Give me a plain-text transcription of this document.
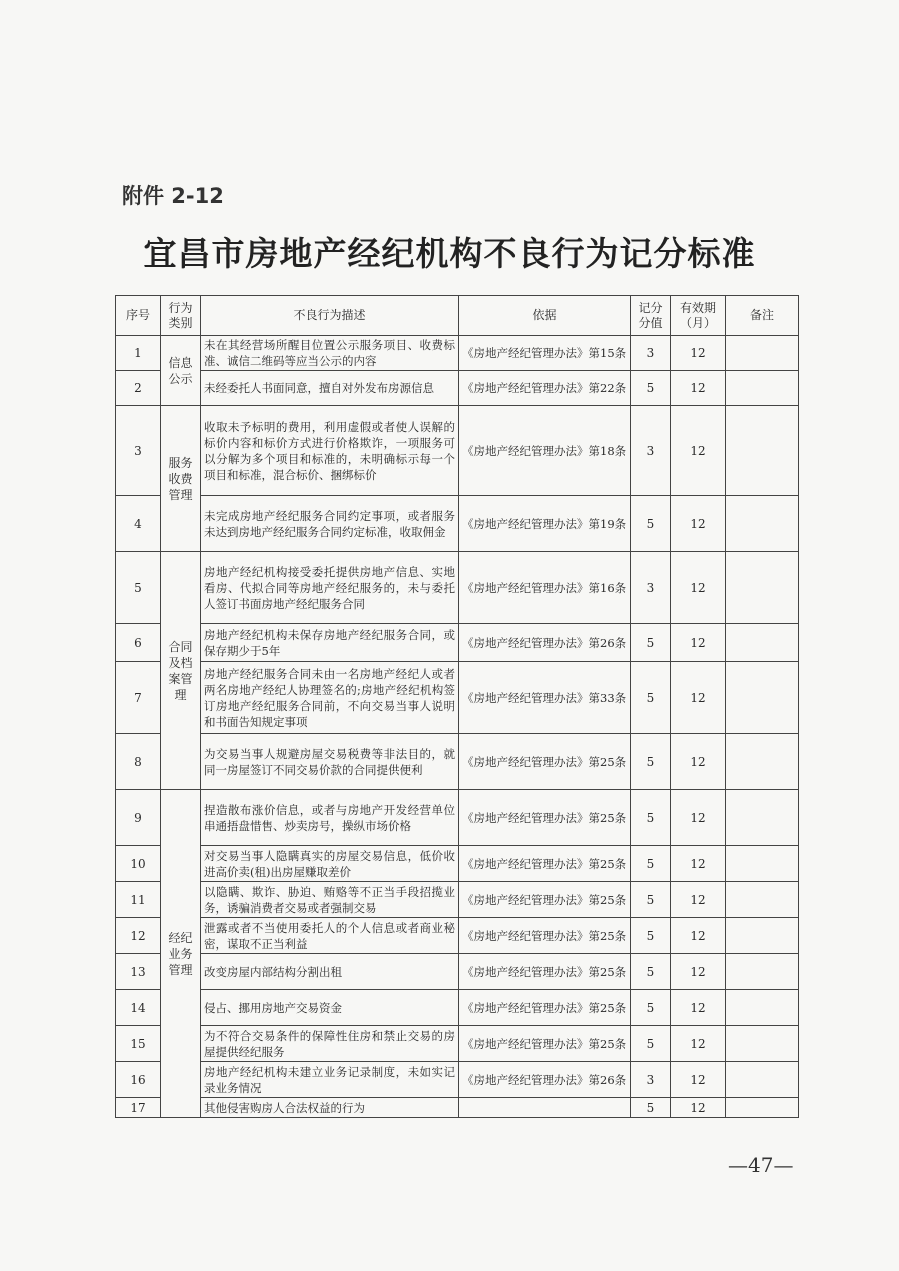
附件 2-12
宜昌市房地产经纪机构不良行为记分标准
序号	行为类别	不良行为描述	依据	记分分值	有效期（月）	备注
1	信息公示	未在其经营场所醒目位置公示服务项目、收费标准、诚信二维码等应当公示的内容	《房地产经纪管理办法》第15条	3	12	
2		未经委托人书面同意，擅自对外发布房源信息	《房地产经纪管理办法》第22条	5	12	
3	服务收费管理	收取未予标明的费用，利用虚假或者使人误解的标价内容和标价方式进行价格欺诈，一项服务可以分解为多个项目和标准的，未明确标示每一个项目和标准，混合标价、捆绑标价	《房地产经纪管理办法》第18条	3	12	
4		未完成房地产经纪服务合同约定事项，或者服务未达到房地产经纪服务合同约定标准，收取佣金	《房地产经纪管理办法》第19条	5	12	
5	合同及档案管理	房地产经纪机构接受委托提供房地产信息、实地看房、代拟合同等房地产经纪服务的，未与委托人签订书面房地产经纪服务合同	《房地产经纪管理办法》第16条	3	12	
6		房地产经纪机构未保存房地产经纪服务合同，或保存期少于5年	《房地产经纪管理办法》第26条	5	12	
7		房地产经纪服务合同未由一名房地产经纪人或者两名房地产经纪人协理签名的;房地产经纪机构签订房地产经纪服务合同前，不向交易当事人说明和书面告知规定事项	《房地产经纪管理办法》第33条	5	12	
8		为交易当事人规避房屋交易税费等非法目的，就同一房屋签订不同交易价款的合同提供便利	《房地产经纪管理办法》第25条	5	12	
9	经纪业务管理	捏造散布涨价信息，或者与房地产开发经营单位串通捂盘惜售、炒卖房号，操纵市场价格	《房地产经纪管理办法》第25条	5	12	
10		对交易当事人隐瞒真实的房屋交易信息，低价收进高价卖(租)出房屋赚取差价	《房地产经纪管理办法》第25条	5	12	
11		以隐瞒、欺诈、胁迫、贿赂等不正当手段招揽业务，诱骗消费者交易或者强制交易	《房地产经纪管理办法》第25条	5	12	
12		泄露或者不当使用委托人的个人信息或者商业秘密，谋取不正当利益	《房地产经纪管理办法》第25条	5	12	
13		改变房屋内部结构分割出租	《房地产经纪管理办法》第25条	5	12	
14		侵占、挪用房地产交易资金	《房地产经纪管理办法》第25条	5	12	
15		为不符合交易条件的保障性住房和禁止交易的房屋提供经纪服务	《房地产经纪管理办法》第25条	5	12	
16		房地产经纪机构未建立业务记录制度，未如实记录业务情况	《房地产经纪管理办法》第26条	3	12	
17		其他侵害购房人合法权益的行为		5	12	
—47—
